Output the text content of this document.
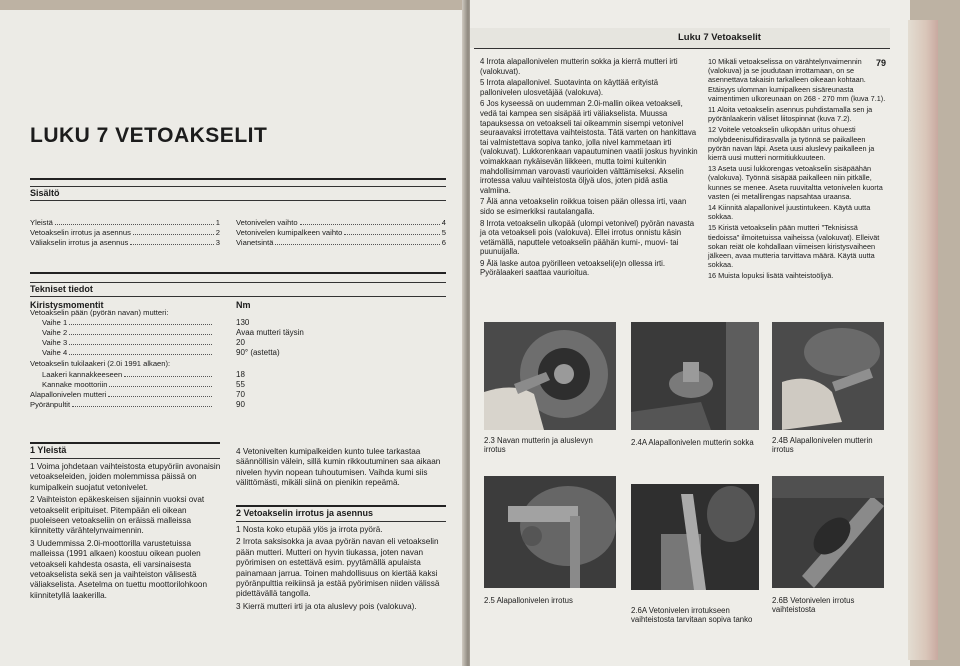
LUKU 7 VETOAKSELIT
Sisältö
Yleistä	1
Vetoakselin irrotus ja asennus	2
Väliakselin irrotus ja asennus	3
Vetonivelen vaihto	4
Vetonivelen kumipalkeen vaihto	5
Vianetsintä	6
Tekniset tiedot
Kiristysmomentit	Nm
Vetoakselin pään (pyörän navan) mutteri:
Vaihe 1	130
Vaihe 2	Avaa mutteri täysin
Vaihe 3	20
Vaihe 4	90° (astetta)
Vetoakselin tukilaakeri (2.0i 1991 alkaen):
Laakeri kannakkeeseen	18
Kannake moottoriin	55
Alapallonivelen mutteri	70
Pyöränpultit	90
1 Yleistä

1 Voima johdetaan vaihteistosta etupyöriin avonaisin vetoakseleiden, joiden molemmissa päissä on kumipalkein suojatut vetonivelet.

2 Vaihteiston epäkeskeisen sijainnin vuoksi ovat vetoakselit eripituiset. Pitempään eli oikean puoleiseen vetoakseliin on eräissä malleissa kiinnitetty värähtelynvaimennin.

3 Uudemmissa 2.0i-moottorilla varustetuissa malleissa (1991 alkaen) koostuu oikean puolen vetoakseli kahdesta osasta, eli varsinaisesta vetoakselista sekä sen ja vaihteiston välisestä väliakselista. Asetelma on tuettu moottorilohkoon kiinnitetyllä laakerilla.

4 Vetonivelten kumipalkeiden kunto tulee tarkastaa säännöllisin välein, sillä kumin rikkoutuminen saa aikaan nivelen hyvin nopean tuhoutumisen. Vaihda kumi siis välittömästi, mikäli siinä on pienikin repeämä.
2 Vetoakselin irrotus ja asennus

1 Nosta koko etupää ylös ja irrota pyörä.

2 Irrota saksisokka ja avaa pyörän navan eli vetoakselin pään mutteri. Mutteri on hyvin tiukassa, joten navan pyörimisen on estettävä esim. pyytämällä apulaista painamaan jarrua. Toinen mahdollisuus on kiertää kaksi pyöränpulttia reikiinsä ja estää pyörimisen niiden välissä pidettävällä tangolla.

3 Kierrä mutteri irti ja ota aluslevy pois (valokuva).

Luku 7 Vetoakselit
79

4 Irrota alapallonivelen mutterin sokka ja kierrä mutteri irti (valokuvat).

5 Irrota alapallonivel. Suotavinta on käyttää erityistä pallonivelen ulosvetäjää (valokuva).

6 Jos kyseessä on uudemman 2.0i-mallin oikea vetoakseli, vedä tai kampea sen sisäpää irti väliakselista. Muussa tapauksessa on vetoakseli tai oikeammin sisempi vetonivel seuraavaksi irrotettava vaihteistosta. Tätä varten on hankittava tai valmistettava sopiva tanko, jolla nivel kammetaan irti (valokuvat). Lukkorenkaan vapautuminen vaatii joskus hyvinkin voimakkaan nykäisevän liikkeen, mutta toimi kuitenkin mahdollisimman varovasti vaurioiden välttämiseksi. Akselin irrotessa valuu vaihteistosta öljyä ulos, joten pidä astia valmiina.

7 Älä anna vetoakselin roikkua toisen pään ollessa irti, vaan sido se esimerkiksi rautalangalla.

8 Irrota vetoakselin ulkopää (ulompi vetonivel) pyörän navasta ja ota vetoakseli pois (valokuva). Ellei irrotus onnistu käsin vetämällä, naputtele vetoakselin päähän kumi-, muovi- tai puunuijalla.

9 Älä laske autoa pyörilleen vetoakseli(e)n ollessa irti. Pyörälaakeri saattaa vaurioitua.

10 Mikäli vetoakselissa on värähtelynvaimennin (valokuva) ja se joudutaan irrottamaan, on se asennettava takaisin tarkalleen oikeaan kohtaan. Etäisyys ulomman kumipalkeen sisäreunasta vaimentimen ulkoreunaan on 268 - 270 mm (kuva 7.1).

11 Aloita vetoakselin asennus puhdistamalla sen ja pyöränlaakerin väliset liitospinnat (kuva 7.2).

12 Voitele vetoakselin ulkopään uritus ohuesti molybdeenisulfidirasvalla ja työnnä se paikalleen pyörän navan läpi. Aseta uusi aluslevy paikalleen ja kierrä uusi mutteri normitiukkuuteen.

13 Aseta uusi lukkorengas vetoakselin sisäpäähän (valokuva). Työnnä sisäpää paikalleen niin pitkälle, kunnes se menee. Aseta ruuvitaltta vetonivelen kuorta vasten (ei metallirengas napsahtaa uraansa.

14 Kiinnitä alapallonivel juustintukeen. Käytä uutta sokkaa.

15 Kiristä vetoakselin pään mutteri "Teknisissä tiedoissa" ilmoitetuissa vaiheissa (valokuvat). Elleivät sokan reiät ole kohdallaan viimeisen kiristysvaiheen jälkeen, avaa mutteria tarvittava määrä. Käytä uutta sokkaa.

16 Muista lopuksi lisätä vaihteistoöljyä.

2.3 Navan mutterin ja aluslevyn irrotus
2.4A Alapallonivelen mutterin sokka	2.4B Alapallonivelen mutterin irrotus
2.5 Alapallonivelen irrotus
2.6A Vetonivelen irrotukseen vaihteistosta tarvitaan sopiva tanko
2.6B Vetonivelen irrotus vaihteistosta
